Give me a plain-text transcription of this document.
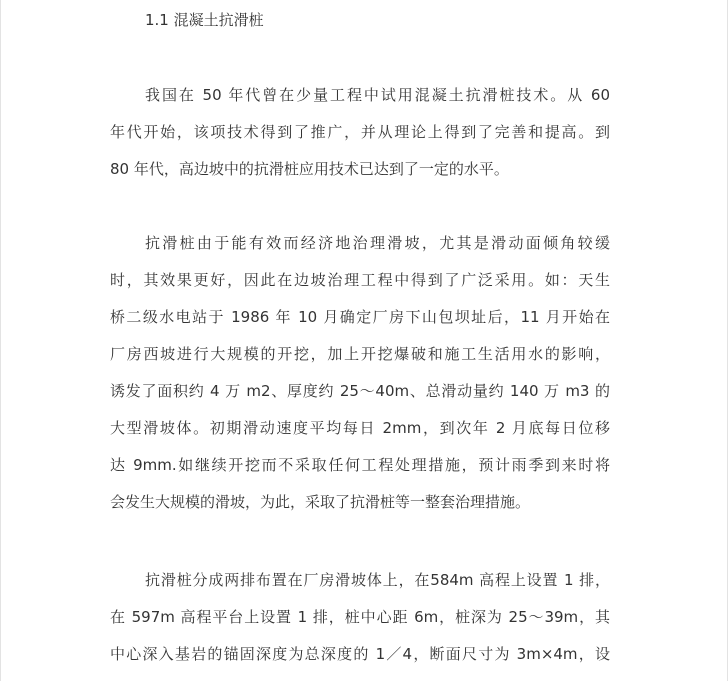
1.1 混凝土抗滑桩
我国在 50 年代曾在少量工程中试用混凝土抗滑桩技术。从 60
年代开始，该项技术得到了推广，并从理论上得到了完善和提高。到
80 年代，高边坡中的抗滑桩应用技术已达到了一定的水平。
抗滑桩由于能有效而经济地治理滑坡，尤其是滑动面倾角较缓
时，其效果更好，因此在边坡治理工程中得到了广泛采用。如：天生
桥二级水电站于 1986 年 10 月确定厂房下山包坝址后，11 月开始在
厂房西坡进行大规模的开挖，加上开挖爆破和施工生活用水的影响，
诱发了面积约 4 万 m2、厚度约 25～40m、总滑动量约 140 万 m3 的
大型滑坡体。初期滑动速度平均每日 2mm，到次年 2 月底每日位移
达 9mm.如继续开挖而不采取任何工程处理措施，预计雨季到来时将
会发生大规模的滑坡，为此，采取了抗滑桩等一整套治理措施。
抗滑桩分成两排布置在厂房滑坡体上，在584m 高程上设置 1 排，
在 597m 高程平台上设置 1 排，桩中心距 6m，桩深为 25～39m，其
中心深入基岩的锚固深度为总深度的 1／4，断面尺寸为 3m×4m，设
